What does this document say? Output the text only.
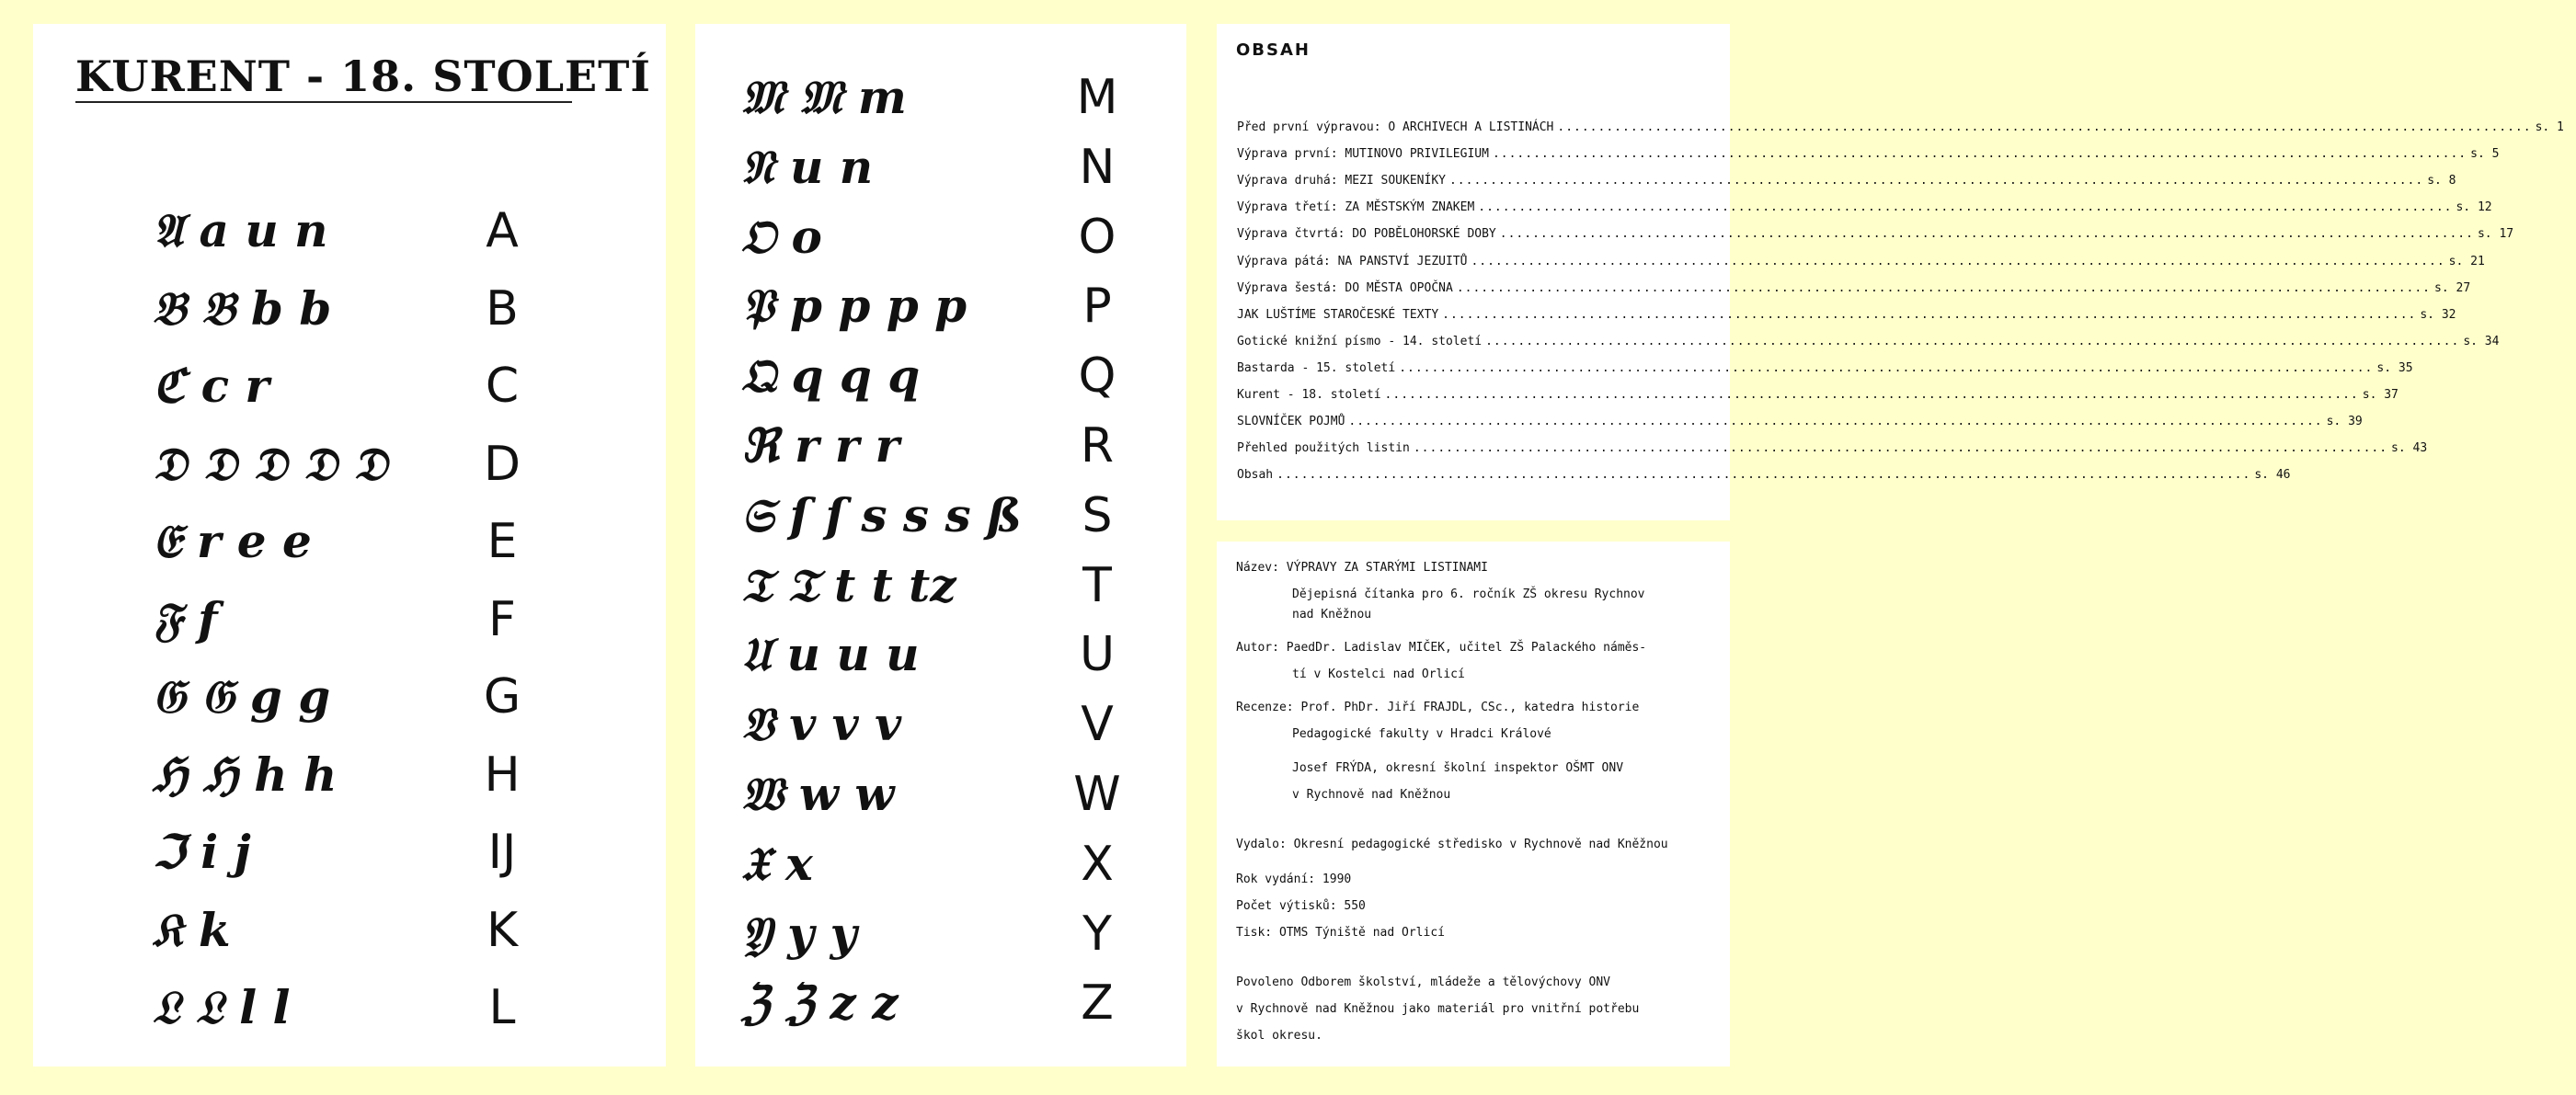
KURENT - 18. STOLETÍ
𝔄 a u n	A
𝔅 𝔅 b b	B
ℭ c r	C
𝔇 𝔇 𝔇 𝔇 𝔇	D
𝔈 r e e	E
𝔉 f	F
𝔊 𝔊 g g	G
ℌ ℌ h h	H
ℑ i j	IJ
𝔎 k	K
𝔏 𝔏 l l	L
𝔐 𝔐 m	M
𝔑 u n	N
𝔒 o	O
𝔓 p p p p	P
𝔔 q q q	Q
ℜ r r r	R
𝔖 ſ ſ s s s ß	S
𝔗 𝔗 t t tz	T
𝔘 u u u	U
𝔙 v v v	V
𝔚 w w	W
𝔛 x	X
𝔜 y y	Y
ℨ ℨ z z	Z
OBSAH
Před první výpravou: O ARCHIVECH A LISTINÁCH ........................................................................................................................ s. 1
Výprava první: MUTINOVO PRIVILEGIUM ........................................................................................................................ s. 5
Výprava druhá: MEZI SOUKENÍKY ........................................................................................................................ s. 8
Výprava třetí: ZA MĚSTSKÝM ZNAKEM ........................................................................................................................ s. 12
Výprava čtvrtá: DO POBĚLOHORSKÉ DOBY ........................................................................................................................ s. 17
Výprava pátá: NA PANSTVÍ JEZUITŮ ........................................................................................................................ s. 21
Výprava šestá: DO MĚSTA OPOČNA ........................................................................................................................ s. 27
JAK LUŠTÍME STAROČESKÉ TEXTY ........................................................................................................................ s. 32
Gotické knižní písmo - 14. století ........................................................................................................................ s. 34
Bastarda - 15. století ........................................................................................................................ s. 35
Kurent - 18. století ........................................................................................................................ s. 37
SLOVNÍČEK POJMŮ ........................................................................................................................ s. 39
Přehled použitých listin ........................................................................................................................ s. 43
Obsah ........................................................................................................................ s. 46
Název: VÝPRAVY ZA STARÝMI LISTINAMI
Dějepisná čítanka pro 6. ročník ZŠ okresu Rychnov
nad Kněžnou
Autor: PaedDr. Ladislav MIČEK, učitel ZŠ Palackého náměs-
tí v Kostelci nad Orlicí
Recenze: Prof. PhDr. Jiří FRAJDL, CSc., katedra historie
Pedagogické fakulty v Hradci Králové
Josef FRÝDA, okresní školní inspektor OŠMT ONV
v Rychnově nad Kněžnou
Vydalo: Okresní pedagogické středisko v Rychnově nad Kněžnou
Rok vydání: 1990
Počet výtisků: 550
Tisk: OTMS Týniště nad Orlicí
Povoleno Odborem školství, mládeže a tělovýchovy ONV
v Rychnově nad Kněžnou jako materiál pro vnitřní potřebu
škol okresu.
